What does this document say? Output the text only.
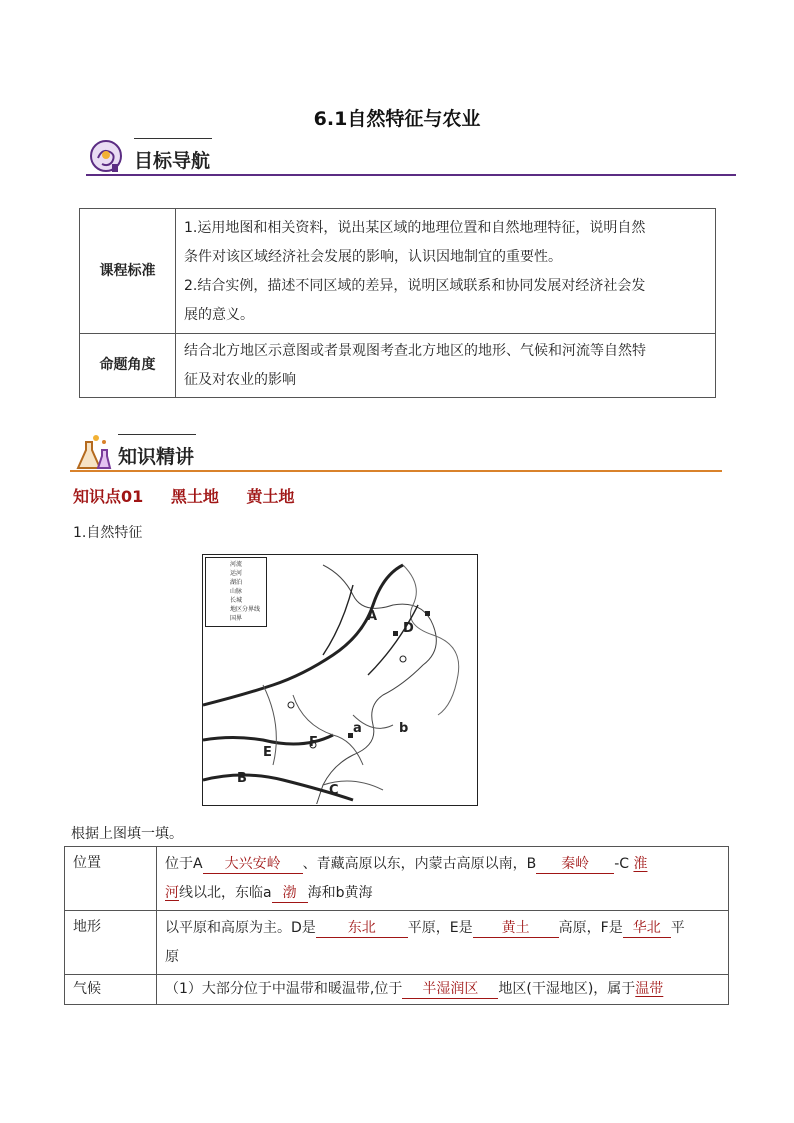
6.1自然特征与农业
目标导航
课程标准	1.运用地图和相关资料，说出某区域的地理位置和自然地理特征，说明自然
条件对该区域经济社会发展的影响，认识因地制宜的重要性。
2.结合实例，描述不同区域的差异，说明区域联系和协同发展对经济社会发
展的意义。

命题角度	结合北方地区示意图或者景观图考查北方地区的地形、气候和河流等自然特
征及对农业的影响
知识精讲
知识点01 黑土地 黄土地
1.自然特征
河流
运河
湖泊
山脉
长城
地区分界线
国界	A
D
a	b
E
F
B
C
根据上图填一填。
位置	位于A 大兴安岭 、青藏高原以东，内蒙古高原以南，B 秦岭 -C 淮
河线以北，东临a 渤 海和b黄海

地形	以平原和高原为主。D是 东北 平原，E是 黄土 高原，F是 华北 平
原

气候	（1）大部分位于中温带和暖温带,位于 半湿润区 地区(干湿地区)，属于温带
